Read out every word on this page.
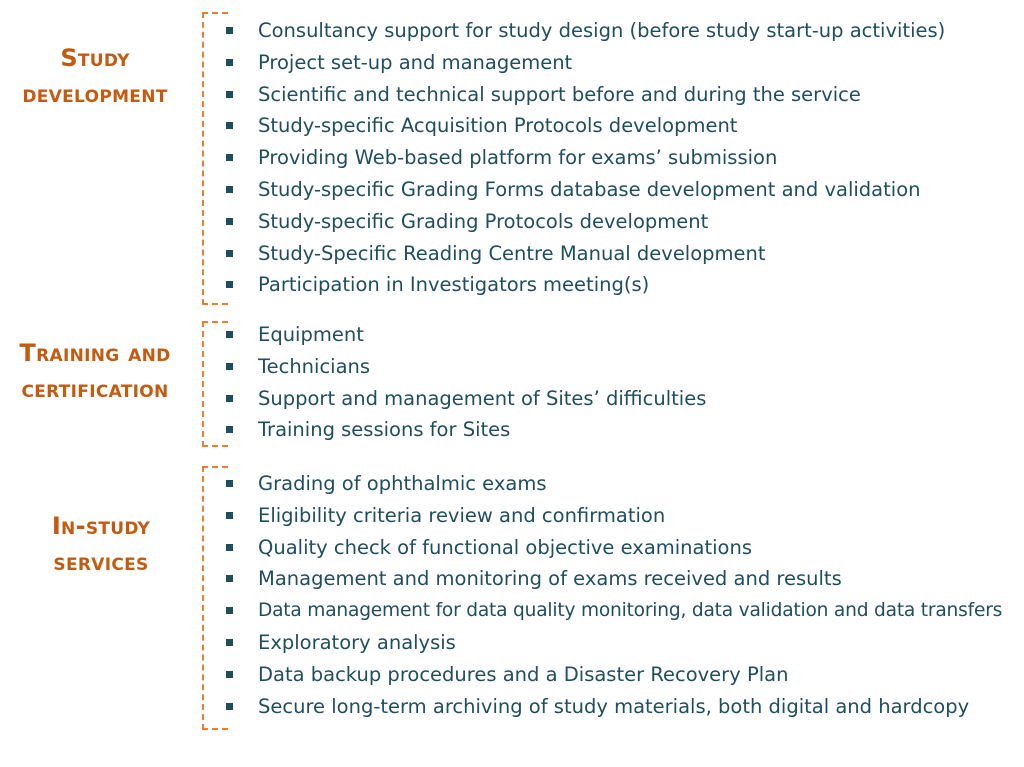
Study
development
Consultancy support for study design (before study start-up activities)
Project set-up and management
Scientific and technical support before and during the service
Study-specific Acquisition Protocols development
Providing Web-based platform for exams’ submission
Study-specific Grading Forms database development and validation
Study-specific Grading Protocols development
Study-Specific Reading Centre Manual development
Participation in Investigators meeting(s)
Training and
certification
Equipment
Technicians
Support and management of Sites’ difficulties
Training sessions for Sites
In-study
services
Grading of ophthalmic exams
Eligibility criteria review and confirmation
Quality check of functional objective examinations
Management and monitoring of exams received and results
Data management for data quality monitoring, data validation and data transfers
Exploratory analysis
Data backup procedures and a Disaster Recovery Plan
Secure long-term archiving of study materials, both digital and hardcopy
